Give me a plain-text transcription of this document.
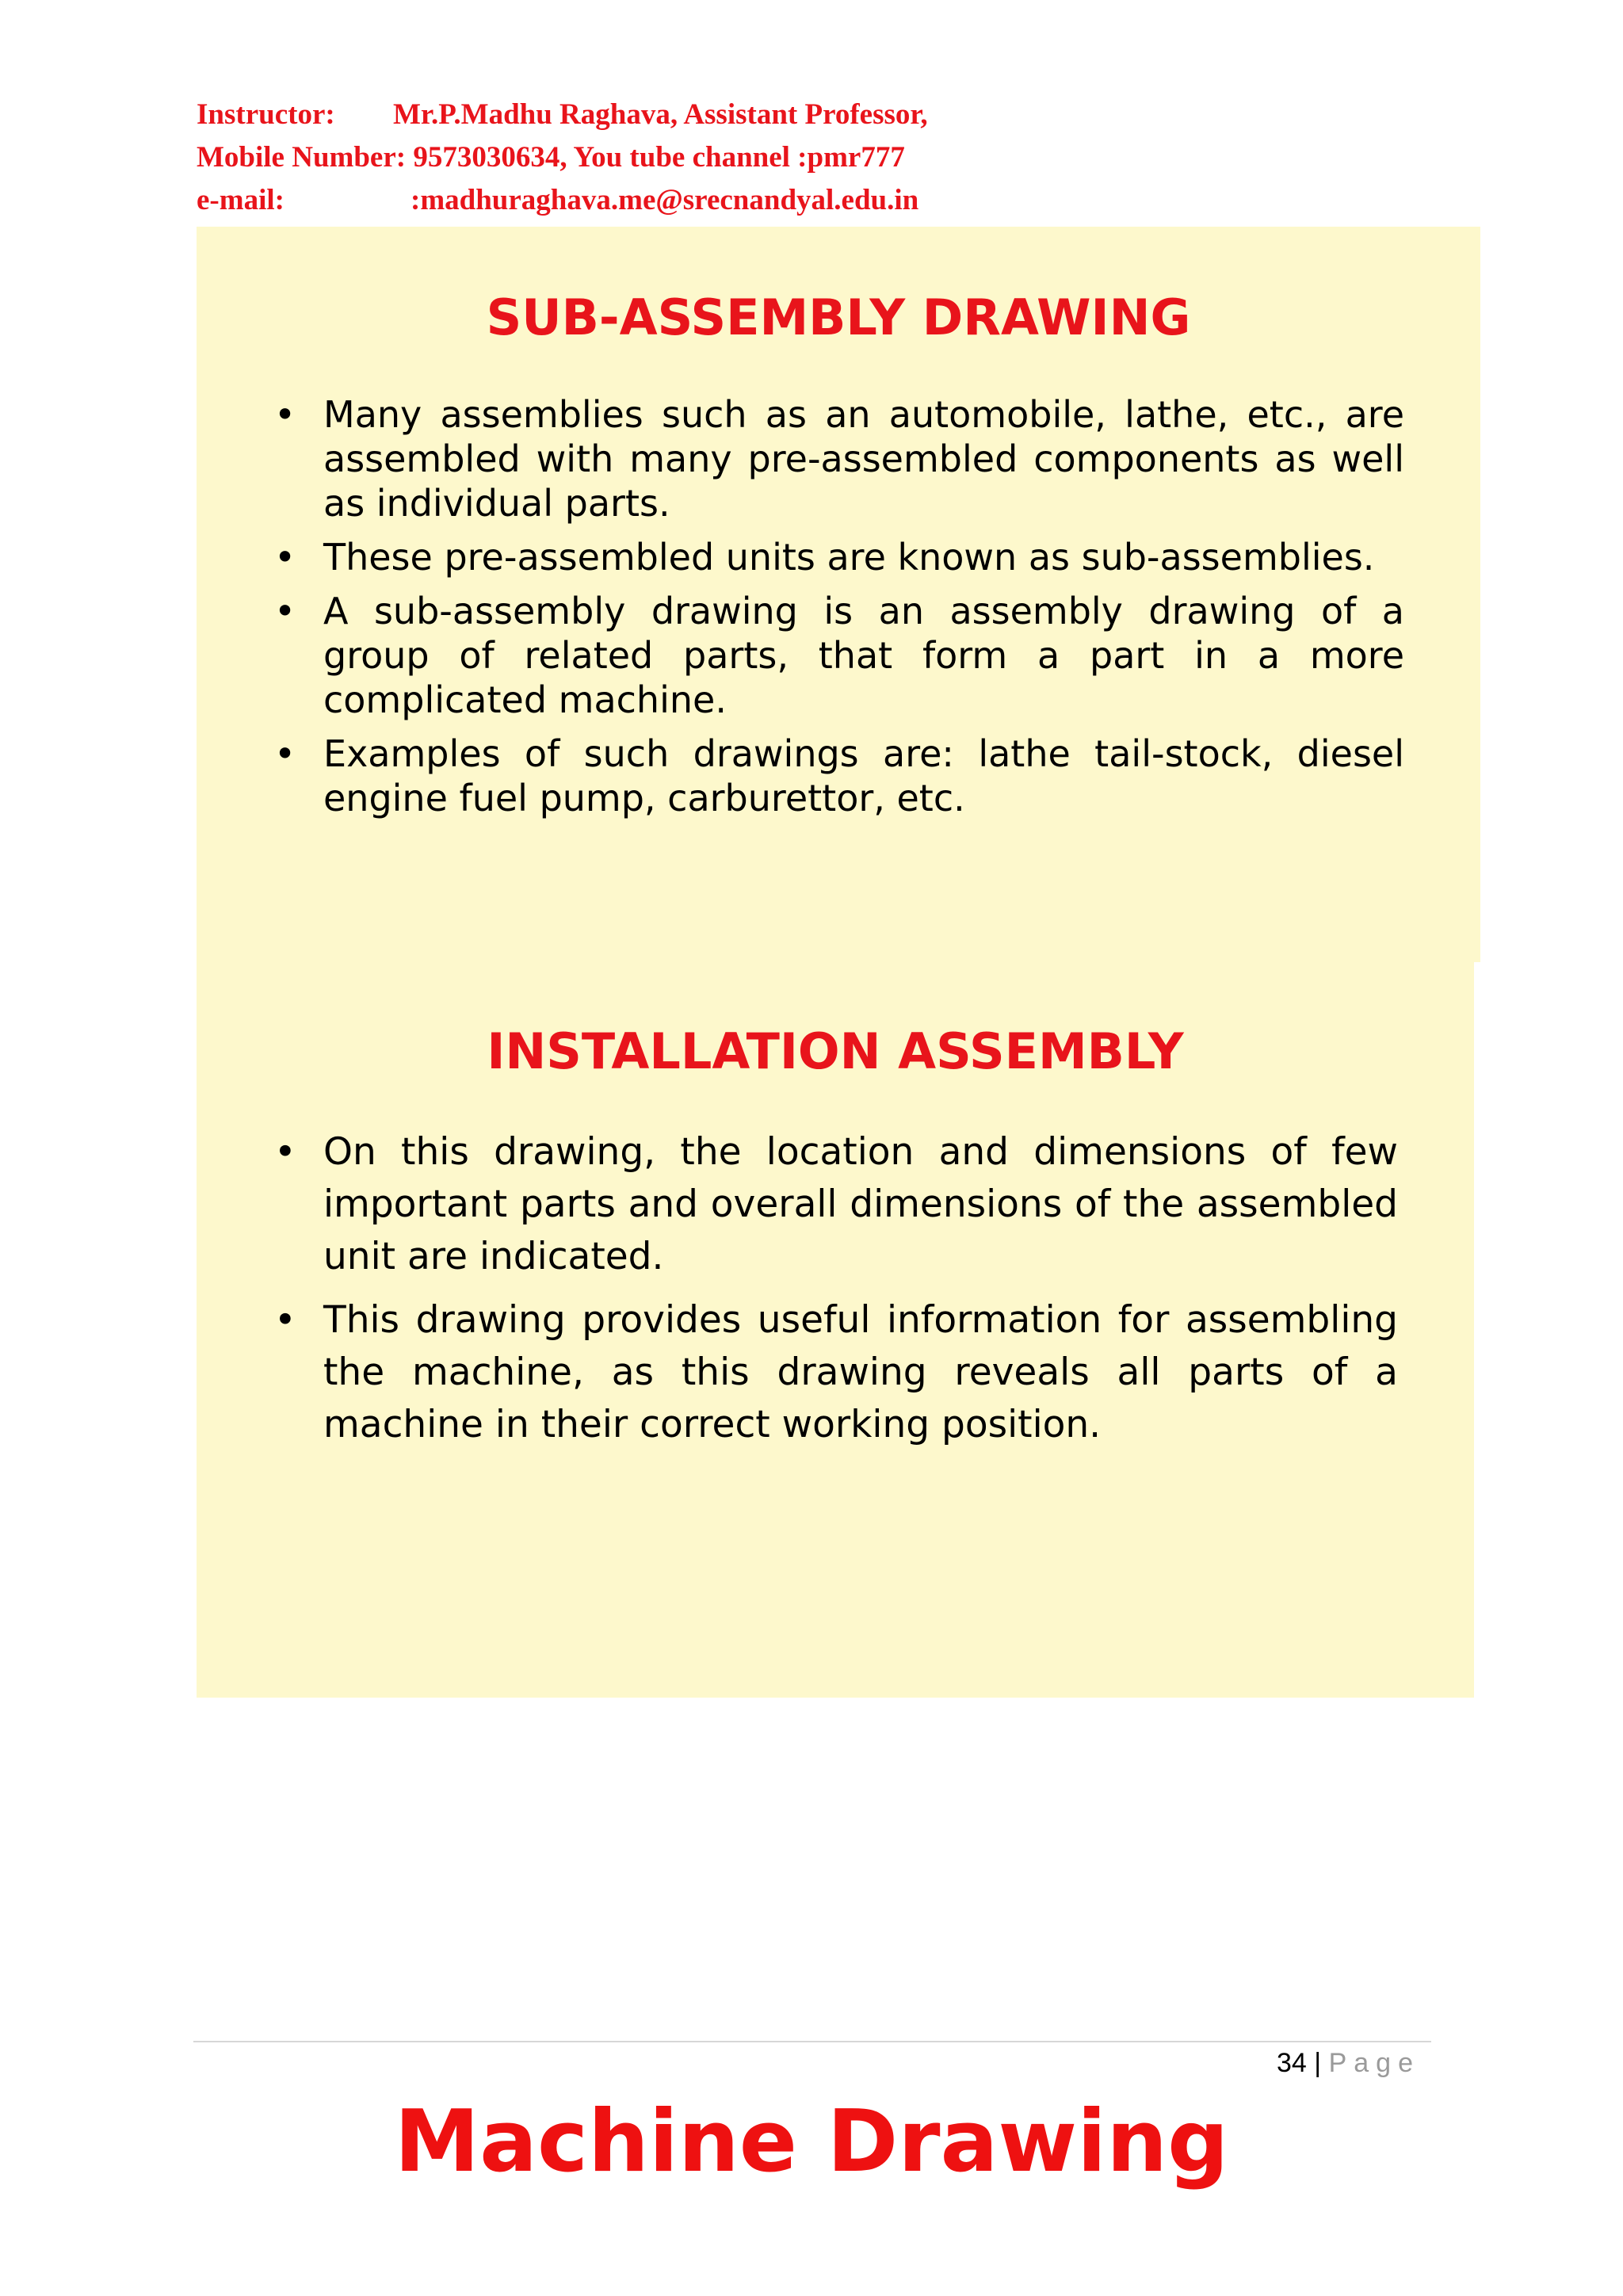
Instructor: Mr.P.Madhu Raghava, Assistant Professor,
Mobile Number: 9573030634, You tube channel :pmr777
e-mail:	:madhuraghava.me@srecnandyal.edu.in
SUB-ASSEMBLY DRAWING
• Many assemblies such as an automobile, lathe, etc., are assembled with many pre-assembled components as well as individual parts.
• These pre-assembled units are known as sub-assemblies.
• A sub-assembly drawing is an assembly drawing of a group of related parts, that form a part in a more complicated machine.
• Examples of such drawings are: lathe tail-stock, diesel engine fuel pump, carburettor, etc.
INSTALLATION ASSEMBLY
• On this drawing, the location and dimensions of few important parts and overall dimensions of the assembled unit are indicated.
• This drawing provides useful information for assembling the machine, as this drawing reveals all parts of a machine in their correct working position.
34 | Page
Machine Drawing
